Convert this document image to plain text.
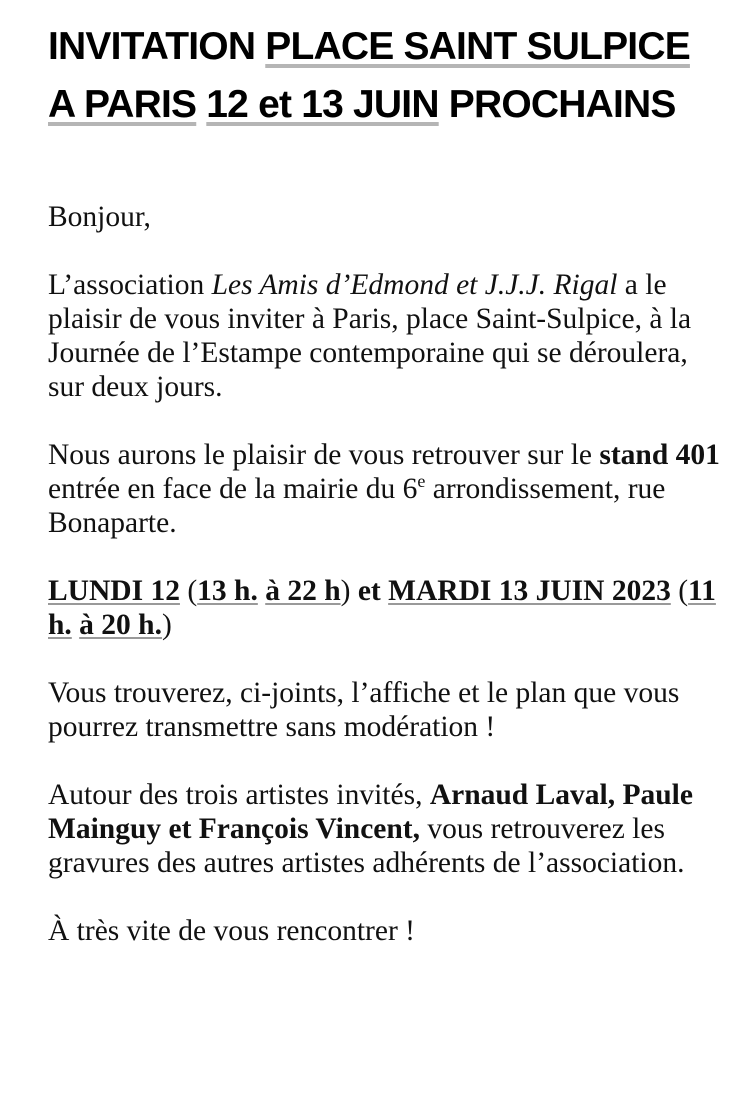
INVITATION PLACE SAINT SULPICE A PARIS 12 et 13 JUIN PROCHAINS

Bonjour,

L’association Les Amis d’Edmond et J.J.J. Rigal a le plaisir de vous inviter à Paris, place Saint-Sulpice, à la Journée de l’Estampe contemporaine qui se déroulera, sur deux jours.

Nous aurons le plaisir de vous retrouver sur le stand 401 entrée en face de la mairie du 6e arrondissement, rue Bonaparte.

LUNDI 12 (13 h. à 22 h) et MARDI 13 JUIN 2023 (11 h. à 20 h.)

Vous trouverez, ci-joints, l’affiche et le plan que vous pourrez transmettre sans modération !

Autour des trois artistes invités, Arnaud Laval, Paule Mainguy et François Vincent, vous retrouverez les gravures des autres artistes adhérents de l’association.

À très vite de vous rencontrer !
